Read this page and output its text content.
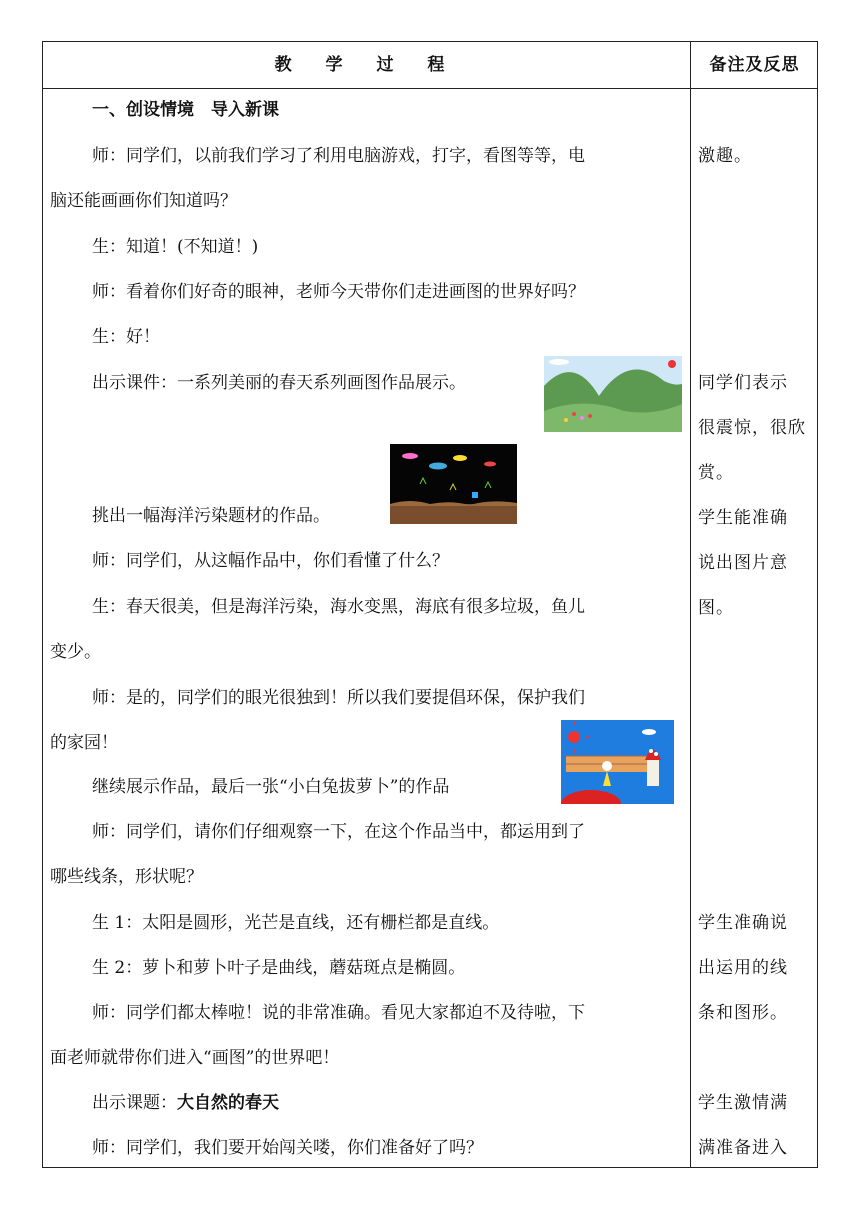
教 学 过 程	备注及反思
一、创设情境　导入新课
师：同学们，以前我们学习了利用电脑游戏，打字，看图等等，电
脑还能画画你们知道吗？
生：知道！(不知道！)
师：看着你们好奇的眼神，老师今天带你们走进画图的世界好吗？
生：好！
出示课件：一系列美丽的春天系列画图作品展示。
挑出一幅海洋污染题材的作品。
师：同学们，从这幅作品中，你们看懂了什么？
生：春天很美，但是海洋污染，海水变黑，海底有很多垃圾，鱼儿
变少。
师：是的，同学们的眼光很独到！所以我们要提倡环保，保护我们
的家园！
继续展示作品，最后一张“小白兔拔萝卜”的作品
师：同学们，请你们仔细观察一下，在这个作品当中，都运用到了
哪些线条，形状呢？
生 1：太阳是圆形，光芒是直线，还有栅栏都是直线。
生 2：萝卜和萝卜叶子是曲线，蘑菇斑点是椭圆。
师：同学们都太棒啦！说的非常准确。看见大家都迫不及待啦，下
面老师就带你们进入“画图”的世界吧！
出示课题：大自然的春天
师：同学们，我们要开始闯关喽，你们准备好了吗？
激趣。
同学们表示
很震惊，很欣
赏。
学生能准确
说出图片意
图。
学生准确说
出运用的线
条和图形。
学生激情满
满准备进入
